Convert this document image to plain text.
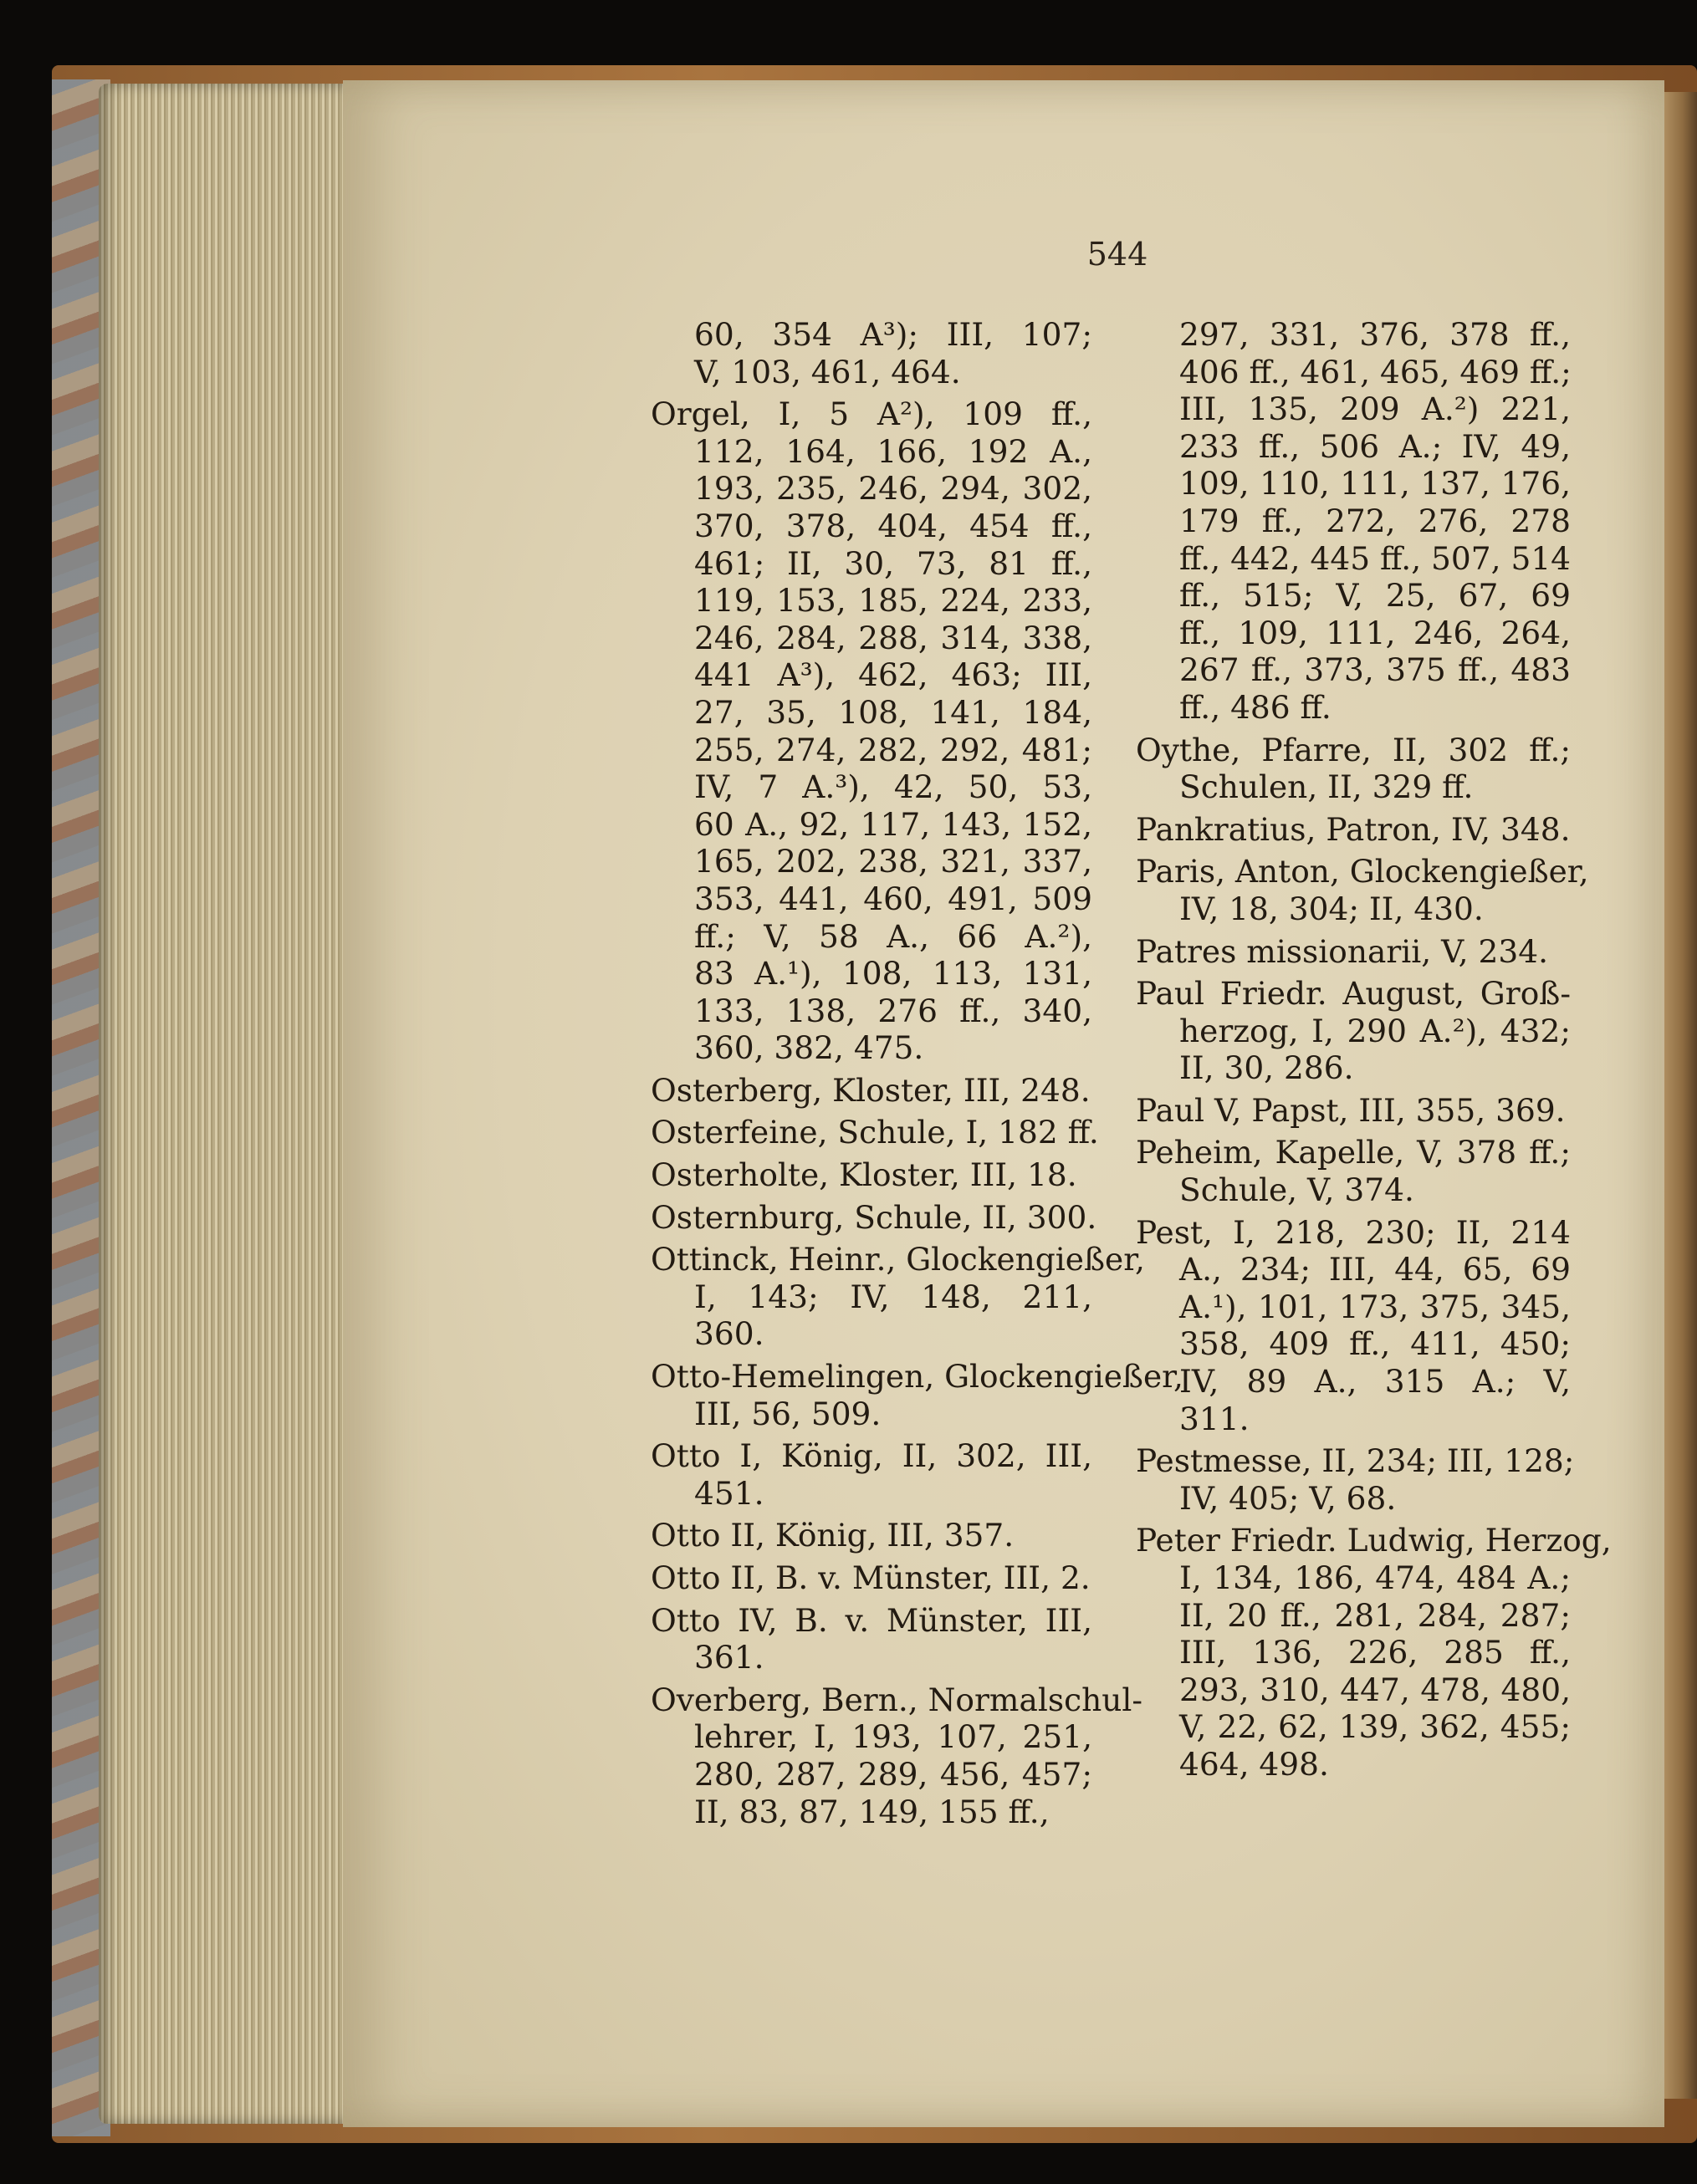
544

60, 354 A³); III, 107;
V, 103, 461, 464.
Orgel, I, 5 A²), 109 ff.,
112, 164, 166, 192 A.,
193, 235, 246, 294, 302,
370, 378, 404, 454 ff.,
461; II, 30, 73, 81 ff.,
119, 153, 185, 224, 233,
246, 284, 288, 314, 338,
441 A³), 462, 463; III,
27, 35, 108, 141, 184,
255, 274, 282, 292, 481;
IV, 7 A.³), 42, 50, 53,
60 A., 92, 117, 143, 152,
165, 202, 238, 321, 337,
353, 441, 460, 491, 509
ff.; V, 58 A., 66 A.²),
83 A.¹), 108, 113, 131,
133, 138, 276 ff., 340,
360, 382, 475.
Osterberg, Kloster, III, 248.
Osterfeine, Schule, I, 182 ff.
Osterholte, Kloster, III, 18.
Osternburg, Schule, II, 300.
Ottinck, Heinr., Glockengießer,
I, 143; IV, 148, 211,
360.
Otto-Hemelingen, Glockengießer,
III, 56, 509.
Otto I, König, II, 302, III,
451.
Otto II, König, III, 357.
Otto II, B. v. Münster, III, 2.
Otto IV, B. v. Münster, III,
361.
Overberg, Bern., Normalschul-
lehrer, I, 193, 107, 251,
280, 287, 289, 456, 457;
II, 83, 87, 149, 155 ff.,
297, 331, 376, 378 ff.,
406 ff., 461, 465, 469 ff.;
III, 135, 209 A.²) 221,
233 ff., 506 A.; IV, 49,
109, 110, 111, 137, 176,
179 ff., 272, 276, 278
ff., 442, 445 ff., 507, 514
ff., 515; V, 25, 67, 69
ff., 109, 111, 246, 264,
267 ff., 373, 375 ff., 483
ff., 486 ff.
Oythe, Pfarre, II, 302 ff.;
Schulen, II, 329 ff.
Pankratius, Patron, IV, 348.
Paris, Anton, Glockengießer,
IV, 18, 304; II, 430.
Patres missionarii, V, 234.
Paul Friedr. August, Groß-
herzog, I, 290 A.²), 432;
II, 30, 286.
Paul V, Papst, III, 355, 369.
Peheim, Kapelle, V, 378 ff.;
Schule, V, 374.
Pest, I, 218, 230; II, 214
A., 234; III, 44, 65, 69
A.¹), 101, 173, 375, 345,
358, 409 ff., 411, 450;
IV, 89 A., 315 A.; V,
311.
Pestmesse, II, 234; III, 128;
IV, 405; V, 68.
Peter Friedr. Ludwig, Herzog,
I, 134, 186, 474, 484 A.;
II, 20 ff., 281, 284, 287;
III, 136, 226, 285 ff.,
293, 310, 447, 478, 480,
V, 22, 62, 139, 362, 455;
464, 498.
